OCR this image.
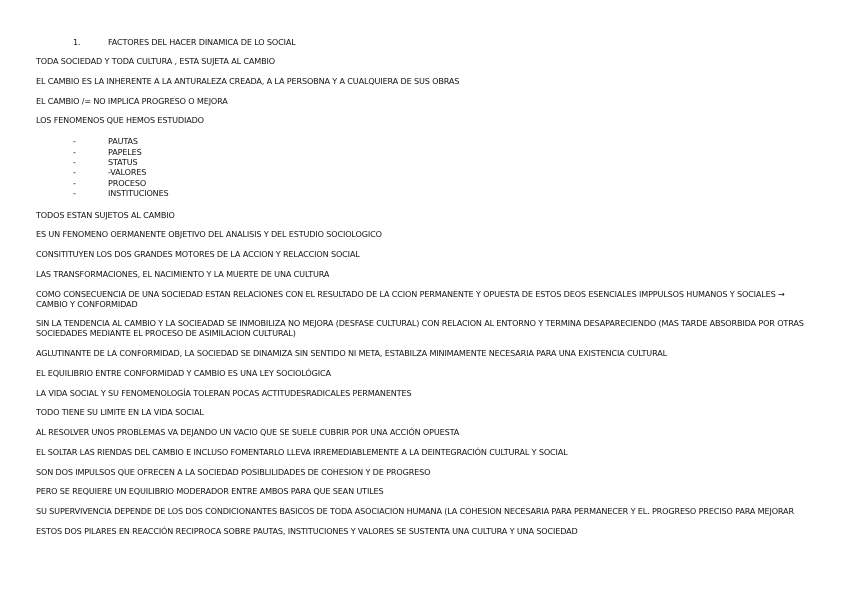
1.	FACTORES DEL HACER DINAMICA DE LO SOCIAL

TODA SOCIEDAD Y TODA CULTURA , ESTA SUJETA AL CAMBIO

EL CAMBIO ES LA INHERENTE A LA ANTURALEZA CREADA, A LA PERSOBNA Y A CUALQUIERA DE SUS OBRAS

EL CAMBIO /= NO IMPLICA PROGRESO O MEJORA

LOS FENOMENOS QUE HEMOS ESTUDIADO

-	PAUTAS
-	PAPELES
-	STATUS
-	-VALORES
-	PROCESO
-	INSTITUCIONES

TODOS ESTAN SUJETOS AL CAMBIO

ES UN FENOMENO OERMANENTE OBJETIVO DEL ANALISIS Y DEL ESTUDIO SOCIOLOGICO

CONSITITUYEN LOS DOS GRANDES MOTORES DE LA ACCION Y RELACCION SOCIAL

LAS TRANSFORMACIONES, EL NACIMIENTO Y LA MUERTE DE UNA CULTURA

COMO CONSECUENCIA DE UNA SOCIEDAD ESTAN RELACIONES CON EL RESULTADO DE LA CCION PERMANENTE Y OPUESTA DE ESTOS DEOS ESENCIALES IMPPULSOS HUMANOS Y SOCIALES → CAMBIO Y CONFORMIDAD

SIN LA TENDENCIA AL CAMBIO Y LA SOCIEADAD SE INMOBILIZA NO MEJORA (DESFASE CULTURAL) CON RELACION AL ENTORNO Y TERMINA DESAPARECIENDO (MAS TARDE ABSORBIDA POR OTRAS SOCIEDADES MEDIANTE EL PROCESO DE ASIMILACION CULTURAL)

AGLUTINANTE DE LA CONFORMIDAD, LA SOCIEDAD SE DINAMIZA SIN SENTIDO NI META, ESTABILZA MINIMAMENTE NECESARIA PARA UNA EXISTENCIA CULTURAL

EL EQUILIBRIO ENTRE CONFORMIDAD Y CAMBIO ES UNA LEY SOCIOLÓGICA

LA VIDA SOCIAL Y SU FENOMENOLOGÍA TOLERAN POCAS ACTITUDESRADICALES PERMANENTES

TODO TIENE SU LIMITE EN LA VIDA SOCIAL

AL RESOLVER UNOS PROBLEMAS VA DEJANDO UN VACIO QUE SE SUELE CUBRIR POR UNA ACCIÓN OPUESTA

EL SOLTAR LAS RIENDAS DEL CAMBIO E INCLUSO FOMENTARLO LLEVA IRREMEDIABLEMENTE A LA DEINTEGRACIÓN CULTURAL Y SOCIAL

SON DOS IMPULSOS QUE OFRECEN A LA SOCIEDAD POSIBLILIDADES DE COHESION Y DE PROGRESO

PERO SE REQUIERE UN EQUILIBRIO MODERADOR ENTRE AMBOS PARA QUE SEAN UTILES

SU SUPERVIVENCIA DEPENDE DE LOS DOS CONDICIONANTES BASICOS DE TODA ASOCIACION HUMANA (LA COHESION NECESARIA PARA PERMANECER Y EL. PROGRESO PRECISO PARA MEJORAR

ESTOS DOS PILARES EN REACCIÓN RECIPROCA SOBRE PAUTAS, INSTITUCIONES Y VALORES SE SUSTENTA UNA CULTURA Y UNA SOCIEDAD
